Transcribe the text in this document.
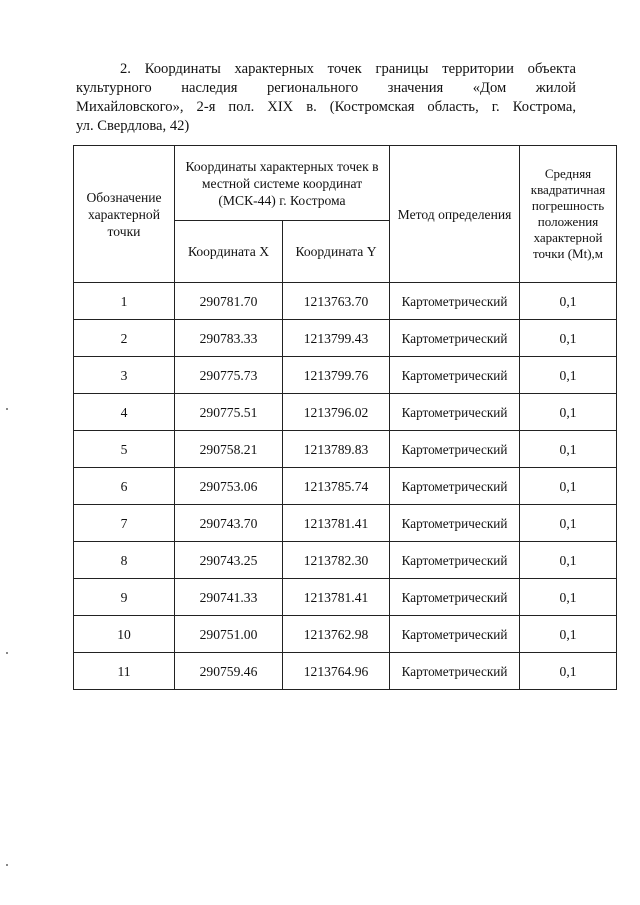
2. Координаты характерных точек границы территории объекта

культурного наследия регионального значения «Дом жилой

Михайловского», 2-я пол. XIX в. (Костромская область, г. Кострома,

ул. Свердлова, 42)

Обозначение характерной точки	Координаты характерных точек в местной системе координат (МСК-44) г. Кострома		Метод определения	Средняя квадратичная погрешность положения характерной точки (Mt),м
	Координата X	Координата Y		
1	290781.70	1213763.70	Картометрический	0,1
2	290783.33	1213799.43	Картометрический	0,1
3	290775.73	1213799.76	Картометрический	0,1
4	290775.51	1213796.02	Картометрический	0,1
5	290758.21	1213789.83	Картометрический	0,1
6	290753.06	1213785.74	Картометрический	0,1
7	290743.70	1213781.41	Картометрический	0,1
8	290743.25	1213782.30	Картометрический	0,1
9	290741.33	1213781.41	Картометрический	0,1
10	290751.00	1213762.98	Картометрический	0,1
11	290759.46	1213764.96	Картометрический	0,1
